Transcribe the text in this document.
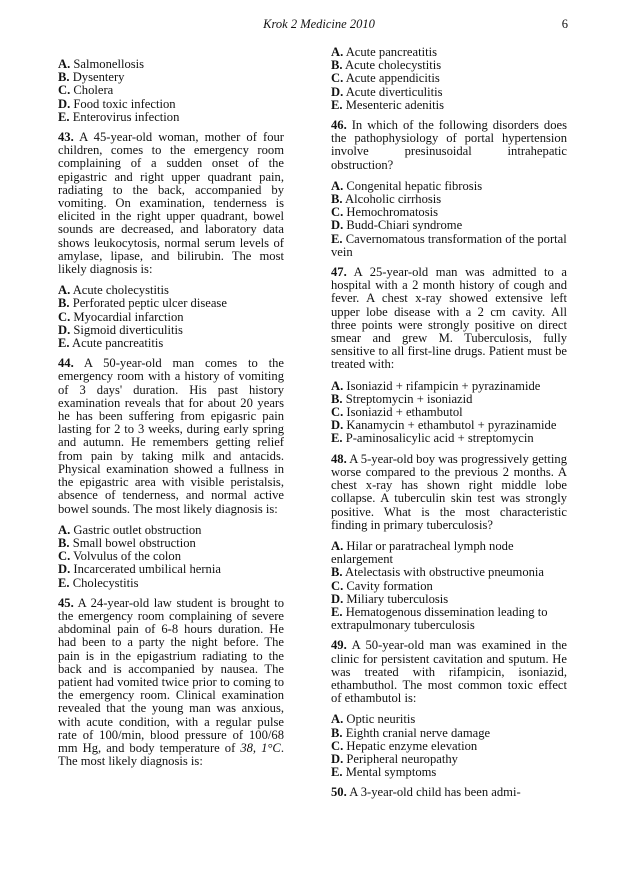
Krok 2 Medicine 2010	6

A. Salmonellosis

B. Dysentery

C. Cholera

D. Food toxic infection

E. Enterovirus infection

43. A 45-year-old woman, mother of four children, comes to the emergency room complaining of a sudden onset of the epigastric and right upper quadrant pain, radiating to the back, accompanied by vomiting. On examination, tenderness is elicited in the right upper quadrant, bowel sounds are decreased, and laboratory data shows leukocytosis, normal serum levels of amylase, lipase, and bilirubin. The most likely diagnosis is:

A. Acute cholecystitis

B. Perforated peptic ulcer disease

C. Myocardial infarction

D. Sigmoid diverticulitis

E. Acute pancreatitis

44. A 50-year-old man comes to the emergency room with a history of vomiting of 3 days' duration. His past history examination reveals that for about 20 years he has been suffering from epigasric pain lasting for 2 to 3 weeks, during early spring and autumn. He remembers getting relief from pain by taking milk and antacids. Physical examination showed a fullness in the epigastric area with visible peristalsis, absence of tenderness, and normal active bowel sounds. The most likely diagnosis is:

A. Gastric outlet obstruction

B. Small bowel obstruction

C. Volvulus of the colon

D. Incarcerated umbilical hernia

E. Cholecystitis

45. A 24-year-old law student is brought to the emergency room complaining of severe abdominal pain of 6-8 hours duration. He had been to a party the night before. The pain is in the epigastrium radiating to the back and is accompanied by nausea. The patient had vomited twice prior to coming to the emergency room. Clinical examination revealed that the young man was anxious, with acute condition, with a regular pulse rate of 100/min, blood pressure of 100/68 mm Hg, and body temperature of 38, 1°C. The most likely diagnosis is:

A. Acute pancreatitis

B. Acute cholecystitis

C. Acute appendicitis

D. Acute diverticulitis

E. Mesenteric adenitis

46. In which of the following disorders does the pathophysiology of portal hypertension involve presinusoidal intrahepatic obstruction?

A. Congenital hepatic fibrosis

B. Alcoholic cirrhosis

C. Hemochromatosis

D. Budd-Chiari syndrome

E. Cavernomatous transformation of the portal vein

47. A 25-year-old man was admitted to a hospital with a 2 month history of cough and fever. A chest x-ray showed extensive left upper lobe disease with a 2 cm cavity. All three points were strongly positive on direct smear and grew M. Tuberculosis, fully sensitive to all first-line drugs. Patient must be treated with:

A. Isoniazid + rifampicin + pyrazinamide

B. Streptomycin + isoniazid

C. Isoniazid + ethambutol

D. Kanamycin + ethambutol + pyrazinamide

E. P-aminosalicylic acid + streptomycin

48. A 5-year-old boy was progressively getting worse compared to the previous 2 months. A chest x-ray has shown right middle lobe collapse. A tuberculin skin test was strongly positive. What is the most characteristic finding in primary tuberculosis?

A. Hilar or paratracheal lymph node enlargement

B. Atelectasis with obstructive pneumonia

C. Cavity formation

D. Miliary tuberculosis

E. Hematogenous dissemination leading to extrapulmonary tuberculosis

49. A 50-year-old man was examined in the clinic for persistent cavitation and sputum. He was treated with rifampicin, isoniazid, ethambuthol. The most common toxic effect of ethambutol is:

A. Optic neuritis

B. Eighth cranial nerve damage

C. Hepatic enzyme elevation

D. Peripheral neuropathy

E. Mental symptoms

50. A 3-year-old child has been admi-
